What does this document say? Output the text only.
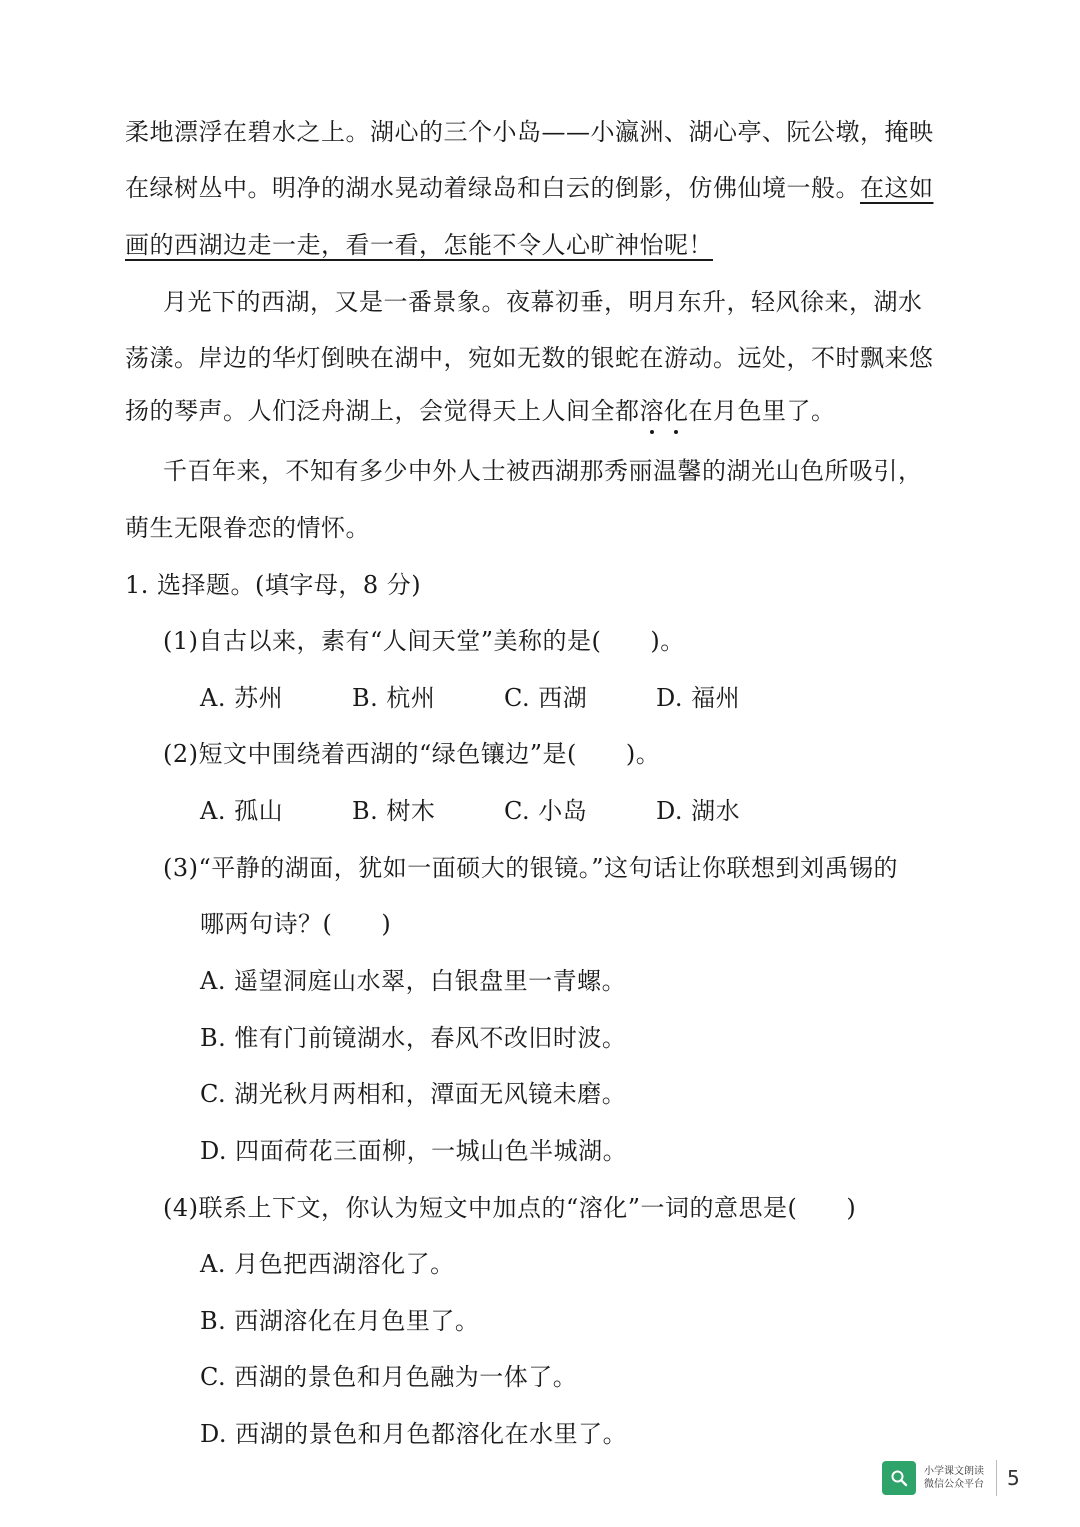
柔地漂浮在碧水之上。湖心的三个小岛——小瀛洲、湖心亭、阮公墩，掩映
在绿树丛中。明净的湖水晃动着绿岛和白云的倒影，仿佛仙境一般。在这如
画的西湖边走一走，看一看，怎能不令人心旷神怡呢！
月光下的西湖，又是一番景象。夜幕初垂，明月东升，轻风徐来，湖水
荡漾。岸边的华灯倒映在湖中，宛如无数的银蛇在游动。远处，不时飘来悠
扬的琴声。人们泛舟湖上，会觉得天上人间全都溶化在月色里了。
千百年来，不知有多少中外人士被西湖那秀丽温馨的湖光山色所吸引，
萌生无限眷恋的情怀。
1. 选择题。(填字母，8 分)
(1)自古以来，素有“人间天堂”美称的是(　　)。
A. 苏州	B. 杭州	C. 西湖	D. 福州
(2)短文中围绕着西湖的“绿色镶边”是(　　)。
A. 孤山	B. 树木	C. 小岛	D. 湖水
(3)“平静的湖面，犹如一面硕大的银镜。”这句话让你联想到刘禹锡的
哪两句诗？(　　)
A. 遥望洞庭山水翠，白银盘里一青螺。
B. 惟有门前镜湖水，春风不改旧时波。
C. 湖光秋月两相和，潭面无风镜未磨。
D. 四面荷花三面柳，一城山色半城湖。
(4)联系上下文，你认为短文中加点的“溶化”一词的意思是(　　)
A. 月色把西湖溶化了。
B. 西湖溶化在月色里了。
C. 西湖的景色和月色融为一体了。
D. 西湖的景色和月色都溶化在水里了。
小学课文朗读
微信公众平台 5
